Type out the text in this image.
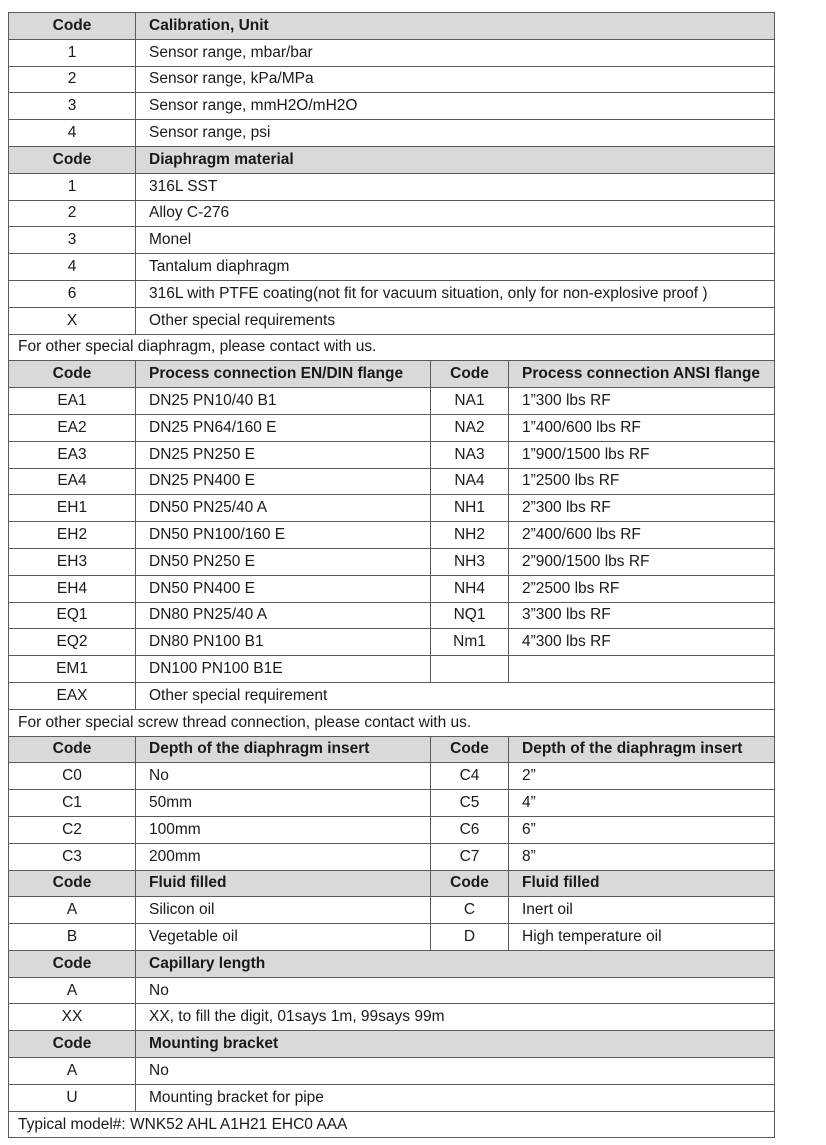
Code	Calibration, Unit		
1	Sensor range, mbar/bar		
2	Sensor range, kPa/MPa		
3	Sensor range, mmH2O/mH2O		
4	Sensor range, psi		
Code	Diaphragm material		
1	316L SST		
2	Alloy C-276		
3	Monel		
4	Tantalum diaphragm		
6	316L with PTFE coating(not fit for vacuum situation, only for non-explosive proof )		
X	Other special requirements		
For other special diaphragm, please contact with us.			
Code	Process connection EN/DIN flange	Code	Process connection ANSI flange
EA1	DN25 PN10/40 B1	NA1	1”300 lbs RF
EA2	DN25 PN64/160 E	NA2	1”400/600 lbs RF
EA3	DN25 PN250 E	NA3	1”900/1500 lbs RF
EA4	DN25 PN400 E	NA4	1”2500 lbs RF
EH1	DN50 PN25/40 A	NH1	2”300 lbs RF
EH2	DN50 PN100/160 E	NH2	2”400/600 lbs RF
EH3	DN50 PN250 E	NH3	2”900/1500 lbs RF
EH4	DN50 PN400 E	NH4	2”2500 lbs RF
EQ1	DN80 PN25/40 A	NQ1	3”300 lbs RF
EQ2	DN80 PN100 B1	Nm1	4”300 lbs RF
EM1	DN100 PN100 B1E		
EAX	Other special requirement		
For other special screw thread connection, please contact with us.			
Code	Depth of the diaphragm insert	Code	Depth of the diaphragm insert
C0	No	C4	2”
C1	50mm	C5	4”
C2	100mm	C6	6”
C3	200mm	C7	8”
Code	Fluid filled	Code	Fluid filled
A	Silicon oil	C	Inert oil
B	Vegetable oil	D	High temperature oil
Code	Capillary length		
A	No		
XX	XX, to fill the digit, 01says 1m, 99says 99m		
Code	Mounting bracket		
A	No		
U	Mounting bracket for pipe		
Typical model#: WNK52 AHL A1H21 EHC0 AAA			
